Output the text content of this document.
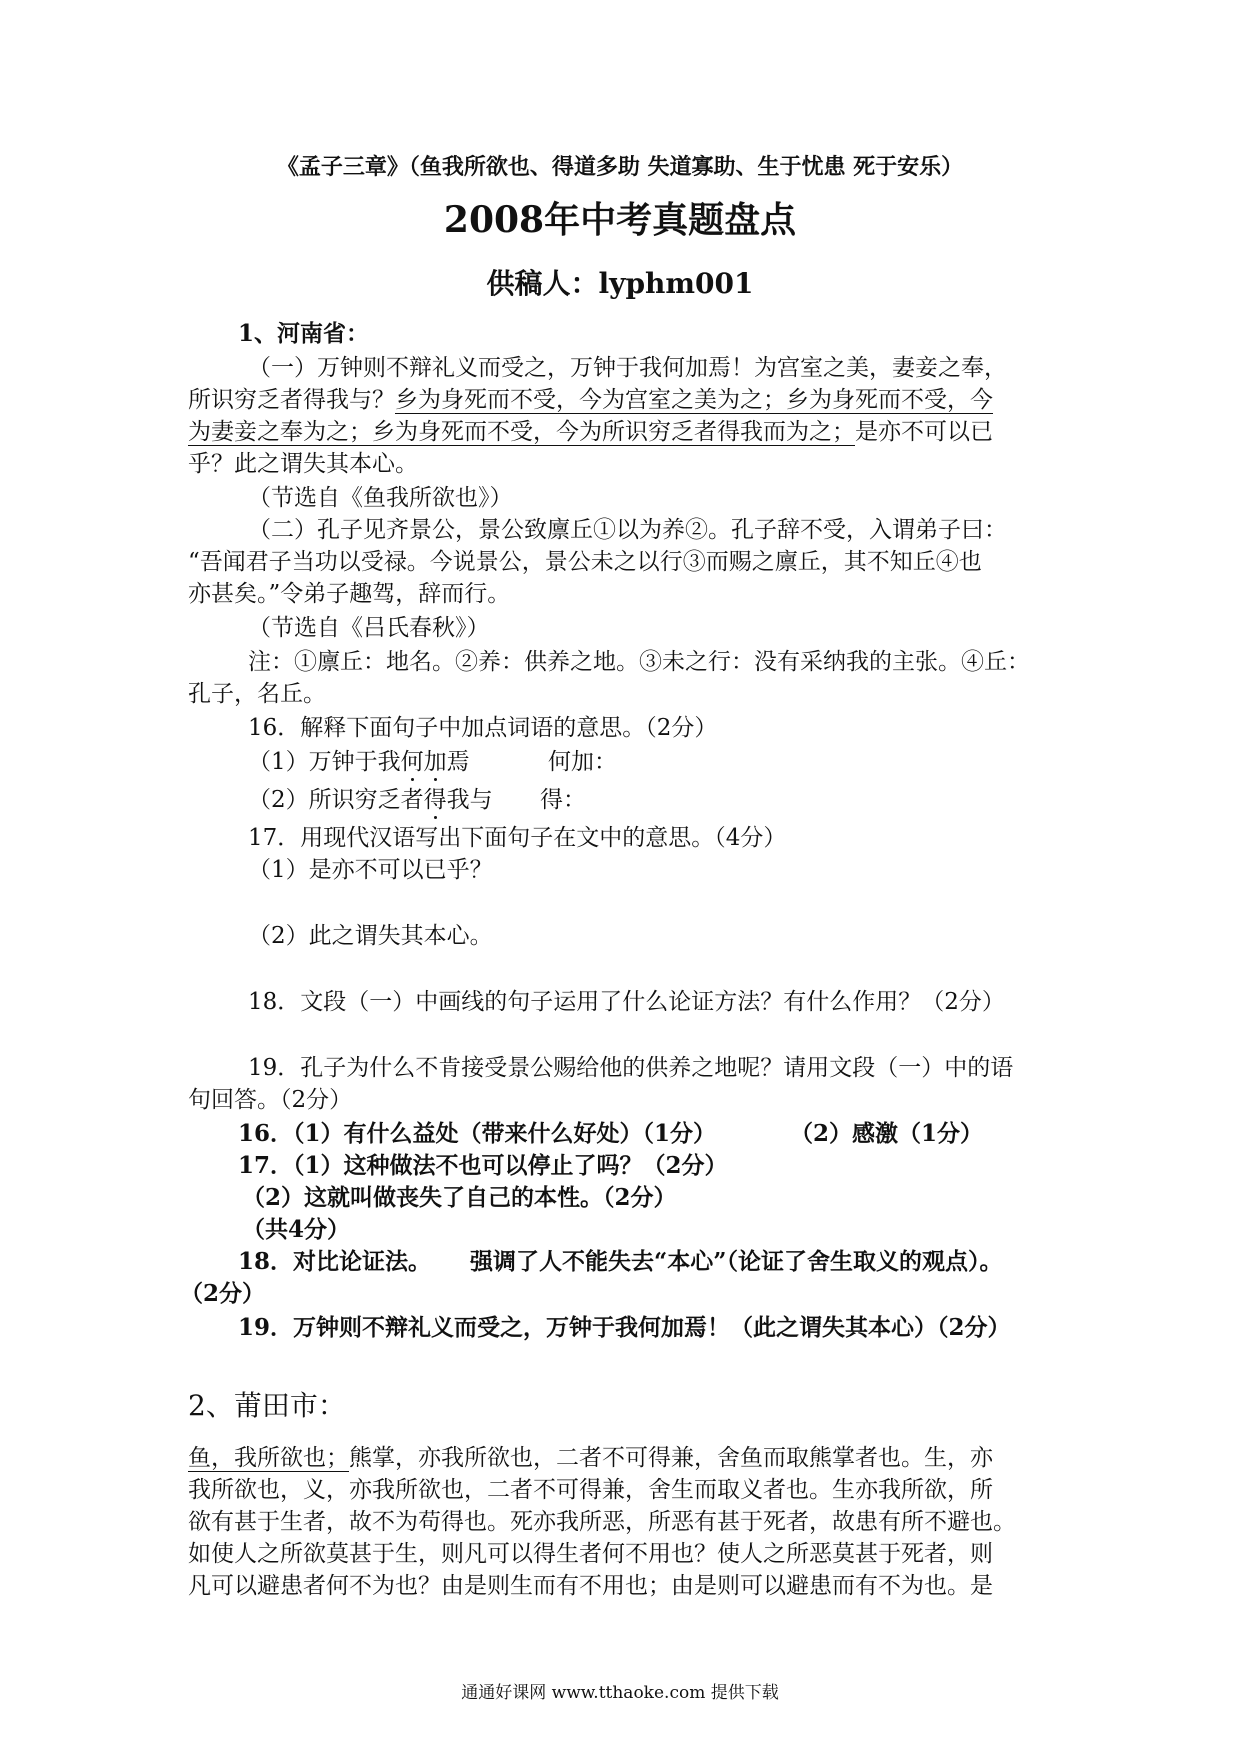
《孟子三章》（鱼我所欲也、得道多助 失道寡助、生于忧患 死于安乐）
2008年中考真题盘点
供稿人：lyphm001
1、河南省：
（一）万钟则不辩礼义而受之，万钟于我何加焉！为宫室之美，妻妾之奉，
所识穷乏者得我与？乡为身死而不受，今为宫室之美为之；乡为身死而不受，今
为妻妾之奉为之；乡为身死而不受，今为所识穷乏者得我而为之；是亦不可以已
乎？此之谓失其本心。
（节选自《鱼我所欲也》）
（二）孔子见齐景公，景公致廪丘①以为养②。孔子辞不受，入谓弟子曰：
“吾闻君子当功以受禄。今说景公，景公未之以行③而赐之廪丘，其不知丘④也
亦甚矣。”令弟子趣驾，辞而行。
（节选自《吕氏春秋》）
注：①廪丘：地名。②养：供养之地。③未之行：没有采纳我的主张。④丘：
孔子，名丘。
16．解释下面句子中加点词语的意思。（2分）
（1）万钟于我何加焉	何加：
（2）所识穷乏者得我与 得：
17．用现代汉语写出下面句子在文中的意思。（4分）
（1）是亦不可以已乎？
（2）此之谓失其本心。
18．文段（一）中画线的句子运用了什么论证方法？有什么作用？（2分）
19．孔子为什么不肯接受景公赐给他的供养之地呢？请用文段（一）中的语
句回答。（2分）
16．（1）有什么益处（带来什么好处）（1分）	（2）感激（1分）
17．（1）这种做法不也可以停止了吗？（2分）
（2）这就叫做丧失了自己的本性。（2分）
（共4分）
18．对比论证法。 强调了人不能失去“本心”（论证了舍生取义的观点）。
（2分）
19．万钟则不辩礼义而受之，万钟于我何加焉！（此之谓失其本心）（2分）
2、莆田市：
鱼，我所欲也；熊掌，亦我所欲也，二者不可得兼，舍鱼而取熊掌者也。生，亦
我所欲也，义，亦我所欲也，二者不可得兼，舍生而取义者也。生亦我所欲，所
欲有甚于生者，故不为苟得也。死亦我所恶，所恶有甚于死者，故患有所不避也。
如使人之所欲莫甚于生，则凡可以得生者何不用也？使人之所恶莫甚于死者，则
凡可以避患者何不为也？由是则生而有不用也；由是则可以避患而有不为也。是
通通好课网 www.tthaoke.com 提供下载
